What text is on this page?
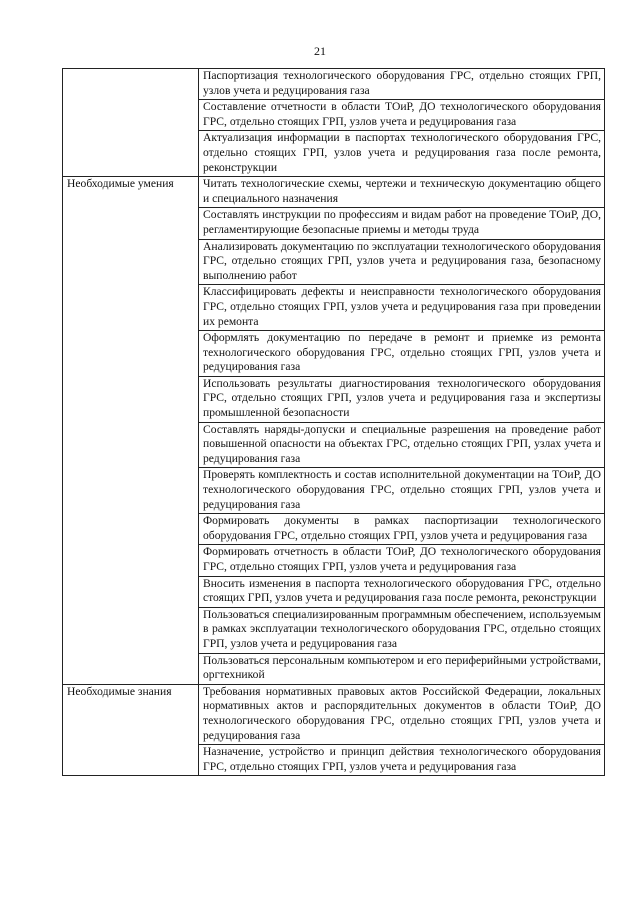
21
	Паспортизация технологического оборудования ГРС, отдельно стоящих ГРП, узлов учета и редуцирования газа
	Составление отчетности в области ТОиР, ДО технологического оборудования ГРС, отдельно стоящих ГРП, узлов учета и редуцирования газа
	Актуализация информации в паспортах технологического оборудования ГРС, отдельно стоящих ГРП, узлов учета и редуцирования газа после ремонта, реконструкции
Необходимые умения	Читать технологические схемы, чертежи и техническую документацию общего и специального назначения
	Составлять инструкции по профессиям и видам работ на проведение ТОиР, ДО, регламентирующие безопасные приемы и методы труда
	Анализировать документацию по эксплуатации технологического оборудования ГРС, отдельно стоящих ГРП, узлов учета и редуцирования газа, безопасному выполнению работ
	Классифицировать дефекты и неисправности технологического оборудования ГРС, отдельно стоящих ГРП, узлов учета и редуцирования газа при проведении их ремонта
	Оформлять документацию по передаче в ремонт и приемке из ремонта технологического оборудования ГРС, отдельно стоящих ГРП, узлов учета и редуцирования газа
	Использовать результаты диагностирования технологического оборудования ГРС, отдельно стоящих ГРП, узлов учета и редуцирования газа и экспертизы промышленной безопасности
	Составлять наряды-допуски и специальные разрешения на проведение работ повышенной опасности на объектах ГРС, отдельно стоящих ГРП, узлах учета и редуцирования газа
	Проверять комплектность и состав исполнительной документации на ТОиР, ДО технологического оборудования ГРС, отдельно стоящих ГРП, узлов учета и редуцирования газа
	Формировать документы в рамках паспортизации технологического оборудования ГРС, отдельно стоящих ГРП, узлов учета и редуцирования газа
	Формировать отчетность в области ТОиР, ДО технологического оборудования ГРС, отдельно стоящих ГРП, узлов учета и редуцирования газа
	Вносить изменения в паспорта технологического оборудования ГРС, отдельно стоящих ГРП, узлов учета и редуцирования газа после ремонта, реконструкции
	Пользоваться специализированным программным обеспечением, используемым в рамках эксплуатации технологического оборудования ГРС, отдельно стоящих ГРП, узлов учета и редуцирования газа
	Пользоваться персональным компьютером и его периферийными устройствами, оргтехникой
Необходимые знания	Требования нормативных правовых актов Российской Федерации, локальных нормативных актов и распорядительных документов в области ТОиР, ДО технологического оборудования ГРС, отдельно стоящих ГРП, узлов учета и редуцирования газа
	Назначение, устройство и принцип действия технологического оборудования ГРС, отдельно стоящих ГРП, узлов учета и редуцирования газа
